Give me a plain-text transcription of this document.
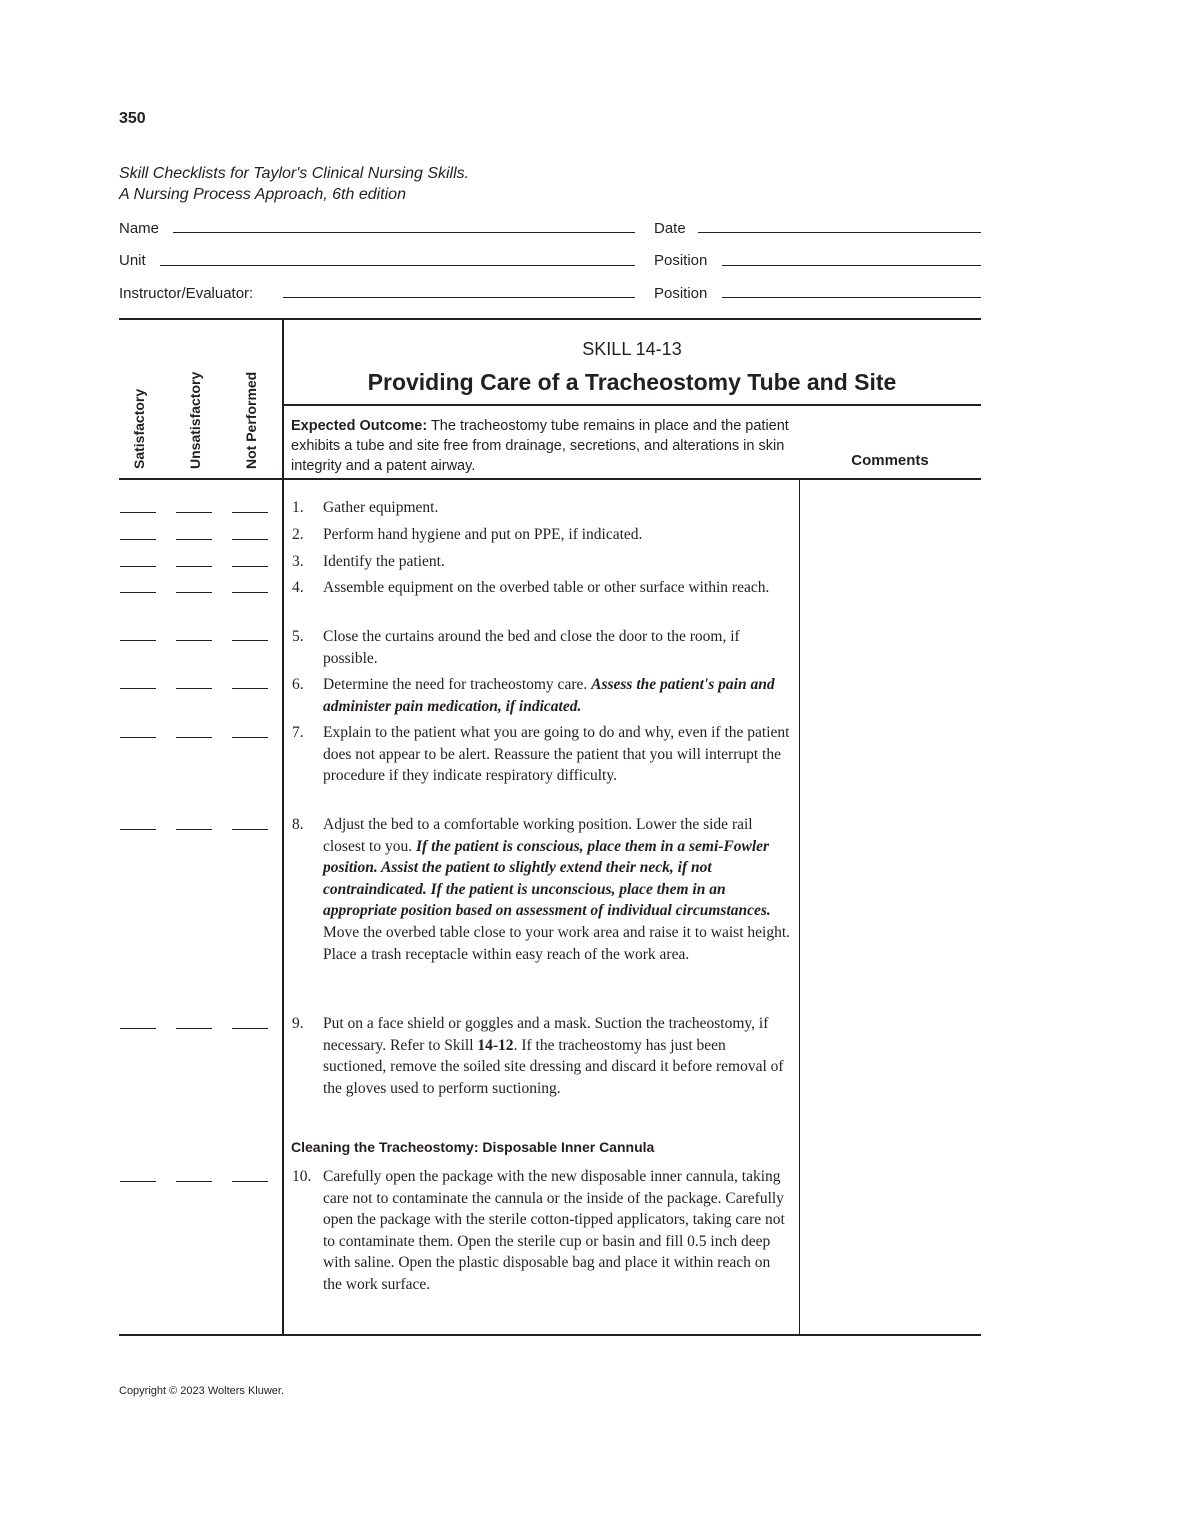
350
Skill Checklists for Taylor's Clinical Nursing Skills.
A Nursing Process Approach, 6th edition
Name	Date
Unit	Position
Instructor/Evaluator:	Position
Satisfactory	Unsatisfactory	Not Performed
SKILL 14-13
Providing Care of a Tracheostomy Tube and Site
Expected Outcome: The tracheostomy tube remains in place and the patient exhibits a tube and site free from drainage, secretions, and alterations in skin integrity and a patent airway.	Comments
1.	Gather equipment.
2.	Perform hand hygiene and put on PPE, if indicated.
3.	Identify the patient.
4.	Assemble equipment on the overbed table or other surface within reach.
5.	Close the curtains around the bed and close the door to the room, if possible.
6.	Determine the need for tracheostomy care. Assess the patient's pain and administer pain medication, if indicated.
7.	Explain to the patient what you are going to do and why, even if the patient does not appear to be alert. Reassure the patient that you will interrupt the procedure if they indicate respiratory difficulty.
8.	Adjust the bed to a comfortable working position. Lower the side rail closest to you. If the patient is conscious, place them in a semi-Fowler position. Assist the patient to slightly extend their neck, if not contraindicated. If the patient is unconscious, place them in an appropriate position based on assessment of individual circumstances. Move the overbed table close to your work area and raise it to waist height. Place a trash receptacle within easy reach of the work area.
9.	Put on a face shield or goggles and a mask. Suction the tracheostomy, if necessary. Refer to Skill 14-12. If the tracheostomy has just been suctioned, remove the soiled site dressing and discard it before removal of the gloves used to perform suctioning.
Cleaning the Tracheostomy: Disposable Inner Cannula
10. Carefully open the package with the new disposable inner cannula, taking care not to contaminate the cannula or the inside of the package. Carefully open the package with the sterile cotton-tipped applicators, taking care not to contaminate them. Open the sterile cup or basin and fill 0.5 inch deep with saline. Open the plastic disposable bag and place it within reach on the work surface.
Copyright © 2023 Wolters Kluwer.
